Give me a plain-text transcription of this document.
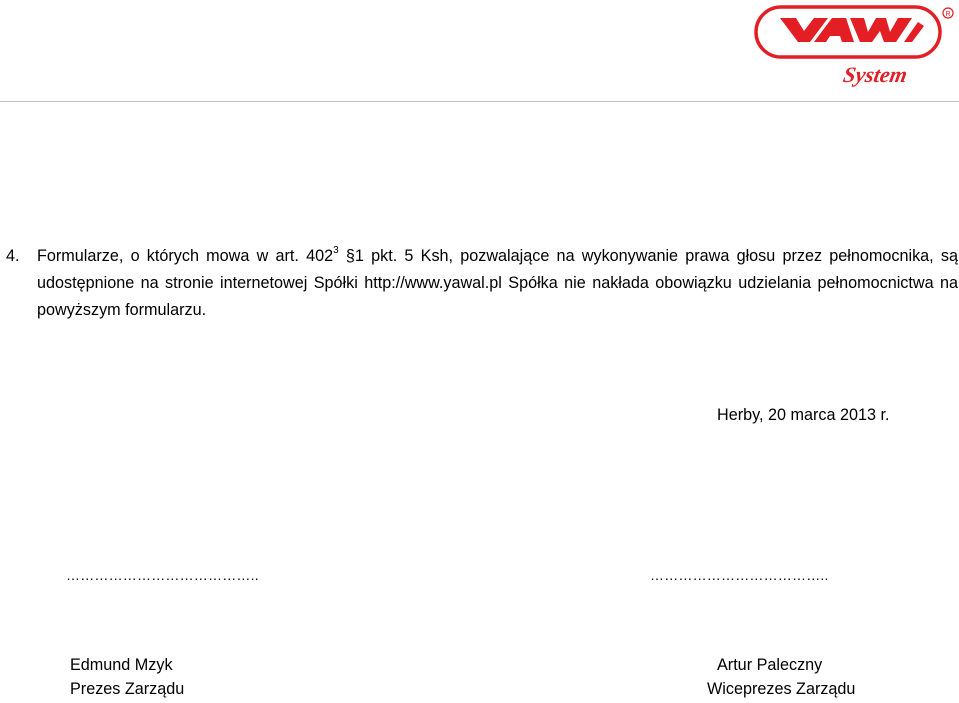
System
R
4. Formularze, o których mowa w art. $402^3$ §1 pkt. 5 Ksh, pozwalające na wykonywanie prawa głosu przez pełnomocnika, są udostępnione na stronie internetowej Spółki http://www.yawal.pl Spółka nie nakłada obowiązku udzielania pełnomocnictwa na powyższym formularzu.
Herby, 20 marca 2013 r.
…………………………………..	………………………………..
Edmund Mzyk
Prezes Zarządu
Artur Paleczny
Wiceprezes Zarządu
